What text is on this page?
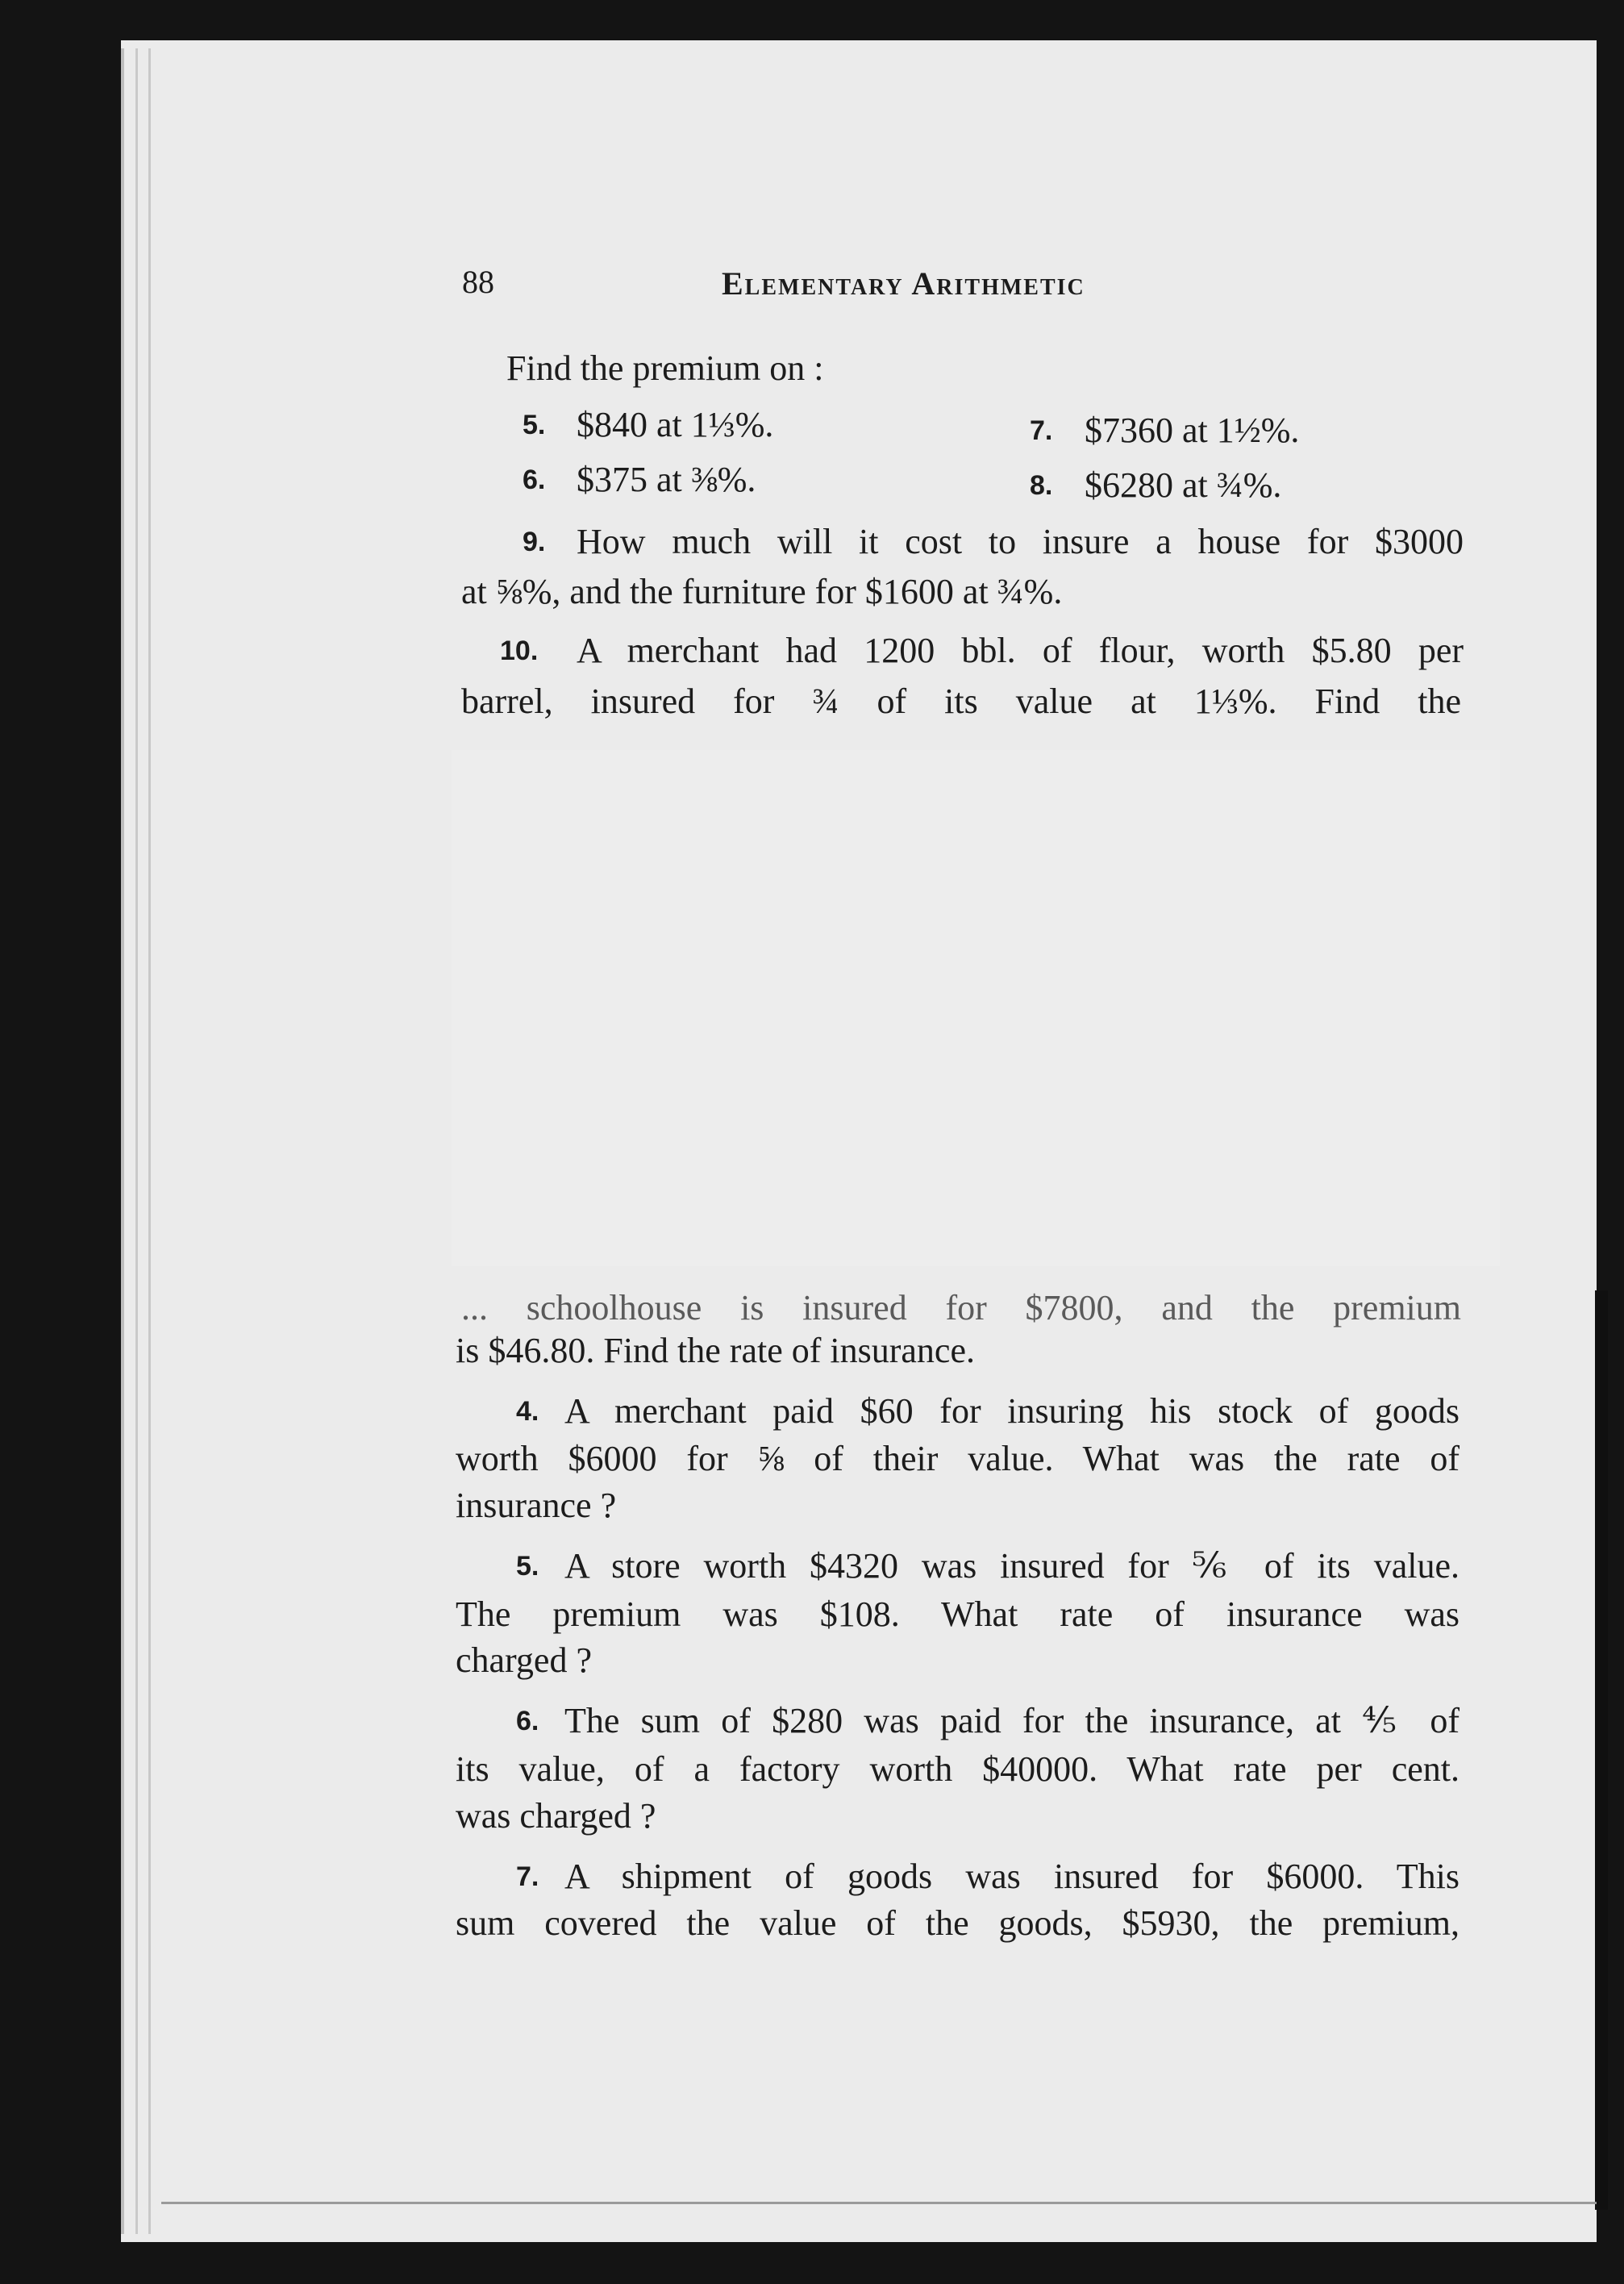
88	Elementary Arithmetic
Find the premium on :
5. $840 at 1⅓%.	7. $7360 at 1½%.
6. $375 at ⅜%.	8. $6280 at ¾%.
9. How much will it cost to insure a house for $3000
at ⅝%, and the furniture for $1600 at ¾%.
10. A merchant had 1200 bbl. of flour, worth $5.80 per
barrel, insured for ¾ of its value at 1⅓%. Find the
... schoolhouse is insured for $7800, and the premium
is $46.80. Find the rate of insurance.
4. A merchant paid $60 for insuring his stock of goods
worth $6000 for ⅝ of their value. What was the rate of
insurance ?
5. A store worth $4320 was insured for ⅚ of its value.
The premium was $108. What rate of insurance was
charged ?
6. The sum of $280 was paid for the insurance, at ⅘ of
its value, of a factory worth $40000. What rate per cent.
was charged ?
7. A shipment of goods was insured for $6000. This
sum covered the value of the goods, $5930, the premium,
